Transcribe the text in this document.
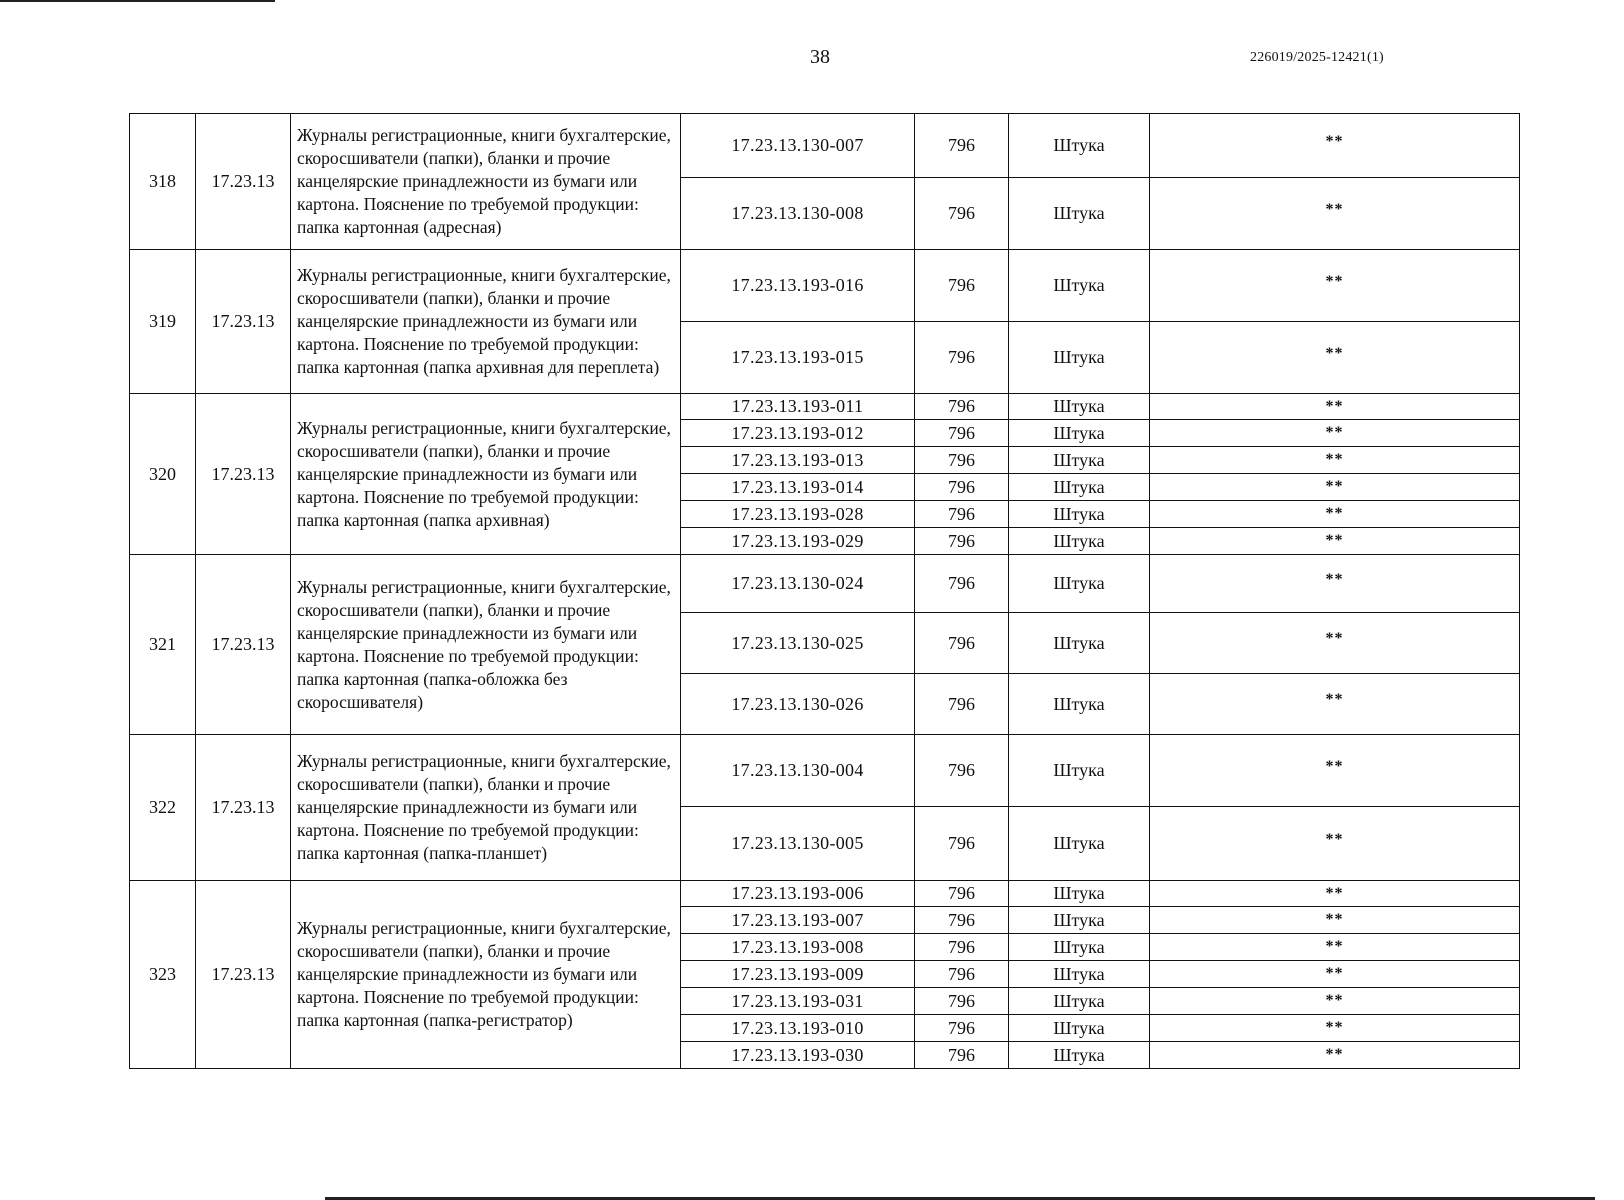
38	226019/2025-12421(1)
318	17.23.13	Журналы регистрационные, книги бухгалтерские, скоросшиватели (папки), бланки и прочие канцелярские принадлежности из бумаги или картона. Пояснение по требуемой продукции: папка картонная (адресная)	17.23.13.130-007	796	Штука	**
			17.23.13.130-008	796	Штука	**
319	17.23.13	Журналы регистрационные, книги бухгалтерские, скоросшиватели (папки), бланки и прочие канцелярские принадлежности из бумаги или картона. Пояснение по требуемой продукции: папка картонная (папка архивная для переплета)	17.23.13.193-016	796	Штука	**
			17.23.13.193-015	796	Штука	**
320	17.23.13	Журналы регистрационные, книги бухгалтерские, скоросшиватели (папки), бланки и прочие канцелярские принадлежности из бумаги или картона. Пояснение по требуемой продукции: папка картонная (папка архивная)	17.23.13.193-011	796	Штука	**
			17.23.13.193-012	796	Штука	**
			17.23.13.193-013	796	Штука	**
			17.23.13.193-014	796	Штука	**
			17.23.13.193-028	796	Штука	**
			17.23.13.193-029	796	Штука	**
321	17.23.13	Журналы регистрационные, книги бухгалтерские, скоросшиватели (папки), бланки и прочие канцелярские принадлежности из бумаги или картона. Пояснение по требуемой продукции: папка картонная (папка-обложка без скоросшивателя)	17.23.13.130-024	796	Штука	**
			17.23.13.130-025	796	Штука	**
			17.23.13.130-026	796	Штука	**
322	17.23.13	Журналы регистрационные, книги бухгалтерские, скоросшиватели (папки), бланки и прочие канцелярские принадлежности из бумаги или картона. Пояснение по требуемой продукции: папка картонная (папка-планшет)	17.23.13.130-004	796	Штука	**
			17.23.13.130-005	796	Штука	**
323	17.23.13	Журналы регистрационные, книги бухгалтерские, скоросшиватели (папки), бланки и прочие канцелярские принадлежности из бумаги или картона. Пояснение по требуемой продукции: папка картонная (папка-регистратор)	17.23.13.193-006	796	Штука	**
			17.23.13.193-007	796	Штука	**
			17.23.13.193-008	796	Штука	**
			17.23.13.193-009	796	Штука	**
			17.23.13.193-031	796	Штука	**
			17.23.13.193-010	796	Штука	**
			17.23.13.193-030	796	Штука	**
